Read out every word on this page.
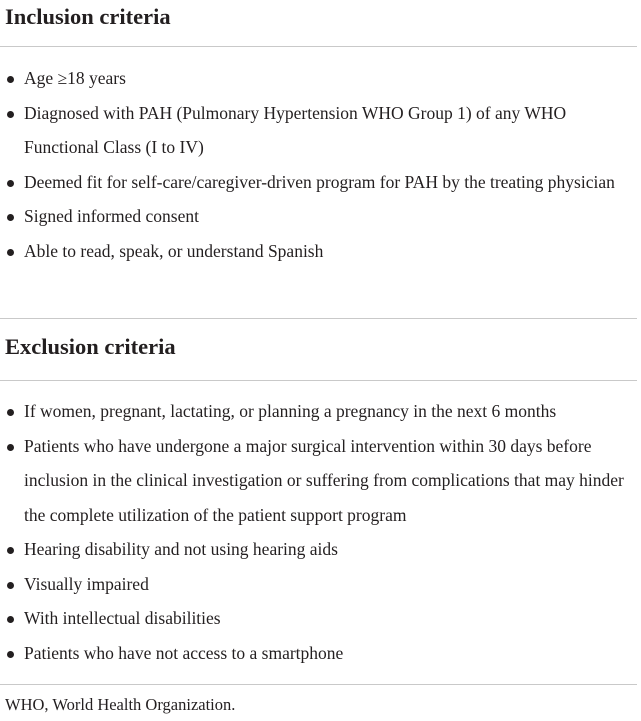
Inclusion criteria
Age ≥18 years
Diagnosed with PAH (Pulmonary Hypertension WHO Group 1) of any WHO Functional Class (I to IV)
Deemed fit for self-care/caregiver-driven program for PAH by the treating physician
Signed informed consent
Able to read, speak, or understand Spanish
Exclusion criteria
If women, pregnant, lactating, or planning a pregnancy in the next 6 months
Patients who have undergone a major surgical intervention within 30 days before inclusion in the clinical investigation or suffering from complications that may hinder the complete utilization of the patient support program
Hearing disability and not using hearing aids
Visually impaired
With intellectual disabilities
Patients who have not access to a smartphone
WHO, World Health Organization.
